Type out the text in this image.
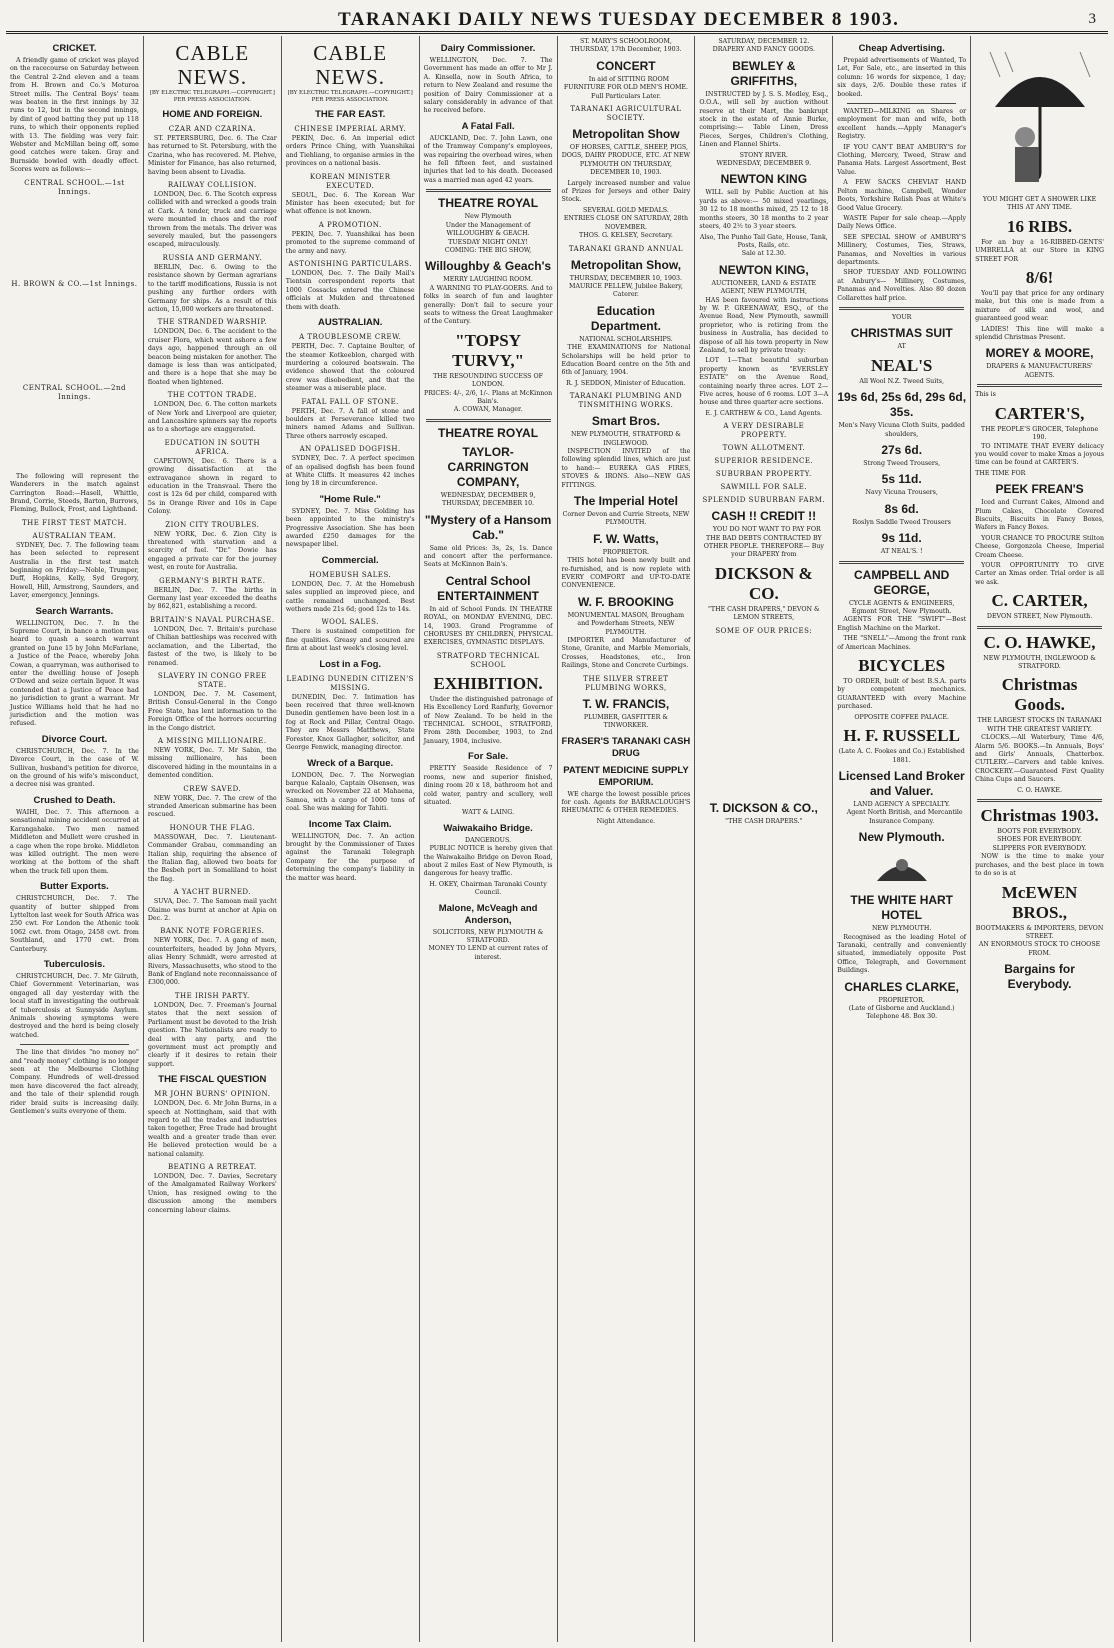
TARANAKI DAILY NEWS TUESDAY DECEMBER 8 1903.	3
CRICKET.

A friendly game of cricket was played on the racecourse on Saturday between the Central 2-2nd eleven and a team from H. Brown and Co.'s Moturoa Street mills. The Central Boys' team was beaten in the first innings by 32 runs to 12, but in the second innings, by dint of good batting they put up 118 runs, to which their opponents replied with 13. The fielding was very fair. Webster and McMillan being off, some good catches were taken. Gray and Burnside bowled with deadly effect. Scores were as follows:—

CENTRAL SCHOOL.—1st Innings.
H. BROWN & CO.—1st Innings.
CENTRAL SCHOOL.—2nd Innings.

The following will represent the Wanderers in the match against Carrington Road:—Hasell, Whittle, Brand, Corrie, Steeds, Barton, Burrows, Fleming, Bullock, Frost, and Lightband.

THE FIRST TEST MATCH.
AUSTRALIAN TEAM.

SYDNEY, Dec. 7. The following team has been selected to represent Australia in the first test match beginning on Friday:—Noble, Trumper, Duff, Hopkins, Kelly, Syd Gregory, Howell, Hill, Armstrong, Saunders, and Laver, emergency, Jennings.

Search Warrants.

WELLINGTON, Dec. 7. In the Supreme Court, in banco a motion was heard to quash a search warrant granted on June 15 by John McFarlane, a Justice of the Peace, whereby John Cowan, a quarryman, was authorised to enter the dwelling house of Joseph O'Dowd and seize certain liquor. It was contended that a Justice of Peace had no jurisdiction to grant a warrant. Mr Justice Williams held that he had no jurisdiction and the motion was refused.

Divorce Court.

CHRISTCHURCH, Dec. 7. In the Divorce Court, in the case of W. Sullivan, husband's petition for divorce, on the ground of his wife's misconduct, a decree nisi was granted.

Crushed to Death.

WAIHI, Dec. 7. This afternoon a sensational mining accident occurred at Karangahake. Two men named Middleton and Mullett were crushed in a cage when the rope broke. Middleton was killed outright. The men were working at the bottom of the shaft when the truck fell upon them.

Butter Exports.

CHRISTCHURCH, Dec. 7. The quantity of butter shipped from Lyttelton last week for South Africa was 250 cwt. For London the Athenic took 1062 cwt. from Otago, 2458 cwt. from Southland, and 1770 cwt. from Canterbury.

Tuberculosis.

CHRISTCHURCH, Dec. 7. Mr Gilruth, Chief Government Veterinarian, was engaged all day yesterday with the local staff in investigating the outbreak of tuberculosis at Sunnyside Asylum. Animals showing symptoms were destroyed and the herd is being closely watched.

The line that divides "no money no" and "ready money" clothing is no longer seen at the Melbourne Clothing Company. Hundreds of well-dressed men have discovered the fact already, and the tale of their splendid rough rider braid suits is increasing daily. Gentlemen's suits everyone of them.

CABLE NEWS.
[BY ELECTRIC TELEGRAPH.—COPYRIGHT.] PER PRESS ASSOCIATION.
HOME AND FOREIGN.
CZAR AND CZARINA.

ST. PETERSBURG, Dec. 6. The Czar has returned to St. Petersburg, with the Czarina, who has recovered. M. Plehve, Minister for Finance, has also returned, having been absent to Livadia.

RAILWAY COLLISION.

LONDON, Dec. 6. The Scotch express collided with and wrecked a goods train at Cark. A tender, truck and carriage were mounted in chaos and the roof thrown from the metals. The driver was severely mauled, but the passengers escaped, miraculously.

RUSSIA AND GERMANY.

BERLIN, Dec. 6. Owing to the resistance shown by German agrarians to the tariff modifications, Russia is not pushing any further orders with Germany for ships. As a result of this action, 15,000 workers are threatened.

THE STRANDED WARSHIP.

LONDON, Dec. 6. The accident to the cruiser Flora, which went ashore a few days ago, happened through an oil beacon being mistaken for another. The damage is less than was anticipated, and there is a hope that she may be floated when lightened.

THE COTTON TRADE.

LONDON, Dec. 6. The cotton markets of New York and Liverpool are quieter, and Lancashire spinners say the reports as to a shortage are exaggerated.

EDUCATION IN SOUTH AFRICA.

CAPETOWN, Dec. 6. There is a growing dissatisfaction at the extravagance shown in regard to education in the Transvaal. There the cost is 12s 6d per child, compared with 5s in Orange River and 10s in Cape Colony.

ZION CITY TROUBLES.

NEW YORK, Dec. 6. Zion City is threatened with starvation and a scarcity of fuel. "Dr." Dowie has engaged a private car for the journey west, en route for Australia.

GERMANY'S BIRTH RATE.

BERLIN, Dec. 7. The births in Germany last year exceeded the deaths by 862,821, establishing a record.

BRITAIN'S NAVAL PURCHASE.

LONDON, Dec. 7. Britain's purchase of Chilian battleships was received with acclamation, and the Libertad, the fastest of the two, is likely to be renamed.

SLAVERY IN CONGO FREE STATE.

LONDON, Dec. 7. M. Casement, British Consul-General in the Congo Free State, has lent information to the Foreign Office of the horrors occurring in the Congo district.

A MISSING MILLIONAIRE.

NEW YORK, Dec. 7. Mr Sabin, the missing millionaire, has been discovered hiding in the mountains in a demented condition.

CREW SAVED.

NEW YORK, Dec. 7. The crew of the stranded American submarine has been rescued.

HONOUR THE FLAG.

MASSOWAH, Dec. 7. Lieutenant-Commander Grabau, commanding an Italian ship, requiring the absence of the Italian flag, allowed two boats for the Besbeh port in Somaliland to hoist the flag.

A YACHT BURNED.

SUVA, Dec. 7. The Samoan mail yacht Olaimo was burnt at anchor at Apia on Dec. 2.

BANK NOTE FORGERIES.

NEW YORK, Dec. 7. A gang of men, counterfeiters, headed by John Myers, alias Henry Schmidt, were arrested at Rivers, Massachusetts, who stood to the Bank of England note reconnaissance of £300,000.

THE IRISH PARTY.

LONDON, Dec. 7. Freeman's Journal states that the next session of Parliament must be devoted to the Irish question. The Nationalists are ready to deal with any party, and the government must act promptly and clearly if it desires to retain their support.

THE FISCAL QUESTION
MR JOHN BURNS' OPINION.

LONDON, Dec. 6. Mr John Burns, in a speech at Nottingham, said that with regard to all the trades and industries taken together, Free Trade had brought wealth and a greater trade than ever. He believed protection would be a national calamity.

BEATING A RETREAT.

LONDON, Dec. 7. Davies, Secretary of the Amalgamated Railway Workers' Union, has resigned owing to the discussion among the members concerning labour claims.

CABLE NEWS.
[BY ELECTRIC TELEGRAPH.—COPYRIGHT.] PER PRESS ASSOCIATION.
THE FAR EAST.
CHINESE IMPERIAL ARMY.

PEKIN, Dec. 6. An imperial edict orders Prince Ching, with Yuanshikai and Tiehliang, to organise armies in the provinces on a national basis.

KOREAN MINISTER EXECUTED.

SEOUL, Dec. 6. The Korean War Minister has been executed; but for what offence is not known.

A PROMOTION.

PEKIN, Dec. 7. Yuanshikai has been promoted to the supreme command of the army and navy.

ASTONISHING PARTICULARS.

LONDON, Dec. 7. The Daily Mail's Tientsin correspondent reports that 1000 Cossacks entered the Chinese officials at Mukden and threatened them with death.

AUSTRALIAN.
A TROUBLESOME CREW.

PERTH, Dec. 7. Captaine Boulter, of the steamer Kotkeeblon, charged with murdering a coloured boatswain. The evidence showed that the coloured crew was disobedient, and that the steamer was a miserable place.

FATAL FALL OF STONE.

PERTH, Dec. 7. A fall of stone and boulders at Perseverance killed two miners named Adams and Sullivan. Three others narrowly escaped.

AN OPALISED DOGFISH.

SYDNEY, Dec. 7. A perfect specimen of an opalised dogfish has been found at White Cliffs. It measures 42 inches long by 18 in circumference.

"Home Rule."

SYDNEY, Dec. 7. Miss Golding has been appointed to the ministry's Progressive Association. She has been awarded £250 damages for the newspaper libel.

Commercial.
HOMEBUSH SALES.

LONDON, Dec. 7. At the Homebush sales supplied an improved piece, and cattle remained unchanged. Best wethers made 21s 6d; good 12s to 14s.

WOOL SALES.

There is sustained competition for fine qualities. Greasy and scoured are firm at about last week's closing level.

Lost in a Fog.
LEADING DUNEDIN CITIZEN'S MISSING.

DUNEDIN, Dec. 7. Intimation has been received that three well-known Dunedin gentlemen have been lost in a fog at Rock and Pillar, Central Otago. They are Messrs Matthews, State Forester, Knox Gallagher, solicitor, and George Fenwick, managing director.

Wreck of a Barque.

LONDON, Dec. 7. The Norwegian barque Kalaalo, Captain Olsensen, was wrecked on November 22 at Mahaena, Samoa, with a cargo of 1000 tons of coal. She was making for Tahiti.

Income Tax Claim.

WELLINGTON, Dec. 7. An action brought by the Commissioner of Taxes against the Taranaki Telegraph Company for the purpose of determining the company's liability in the matter was heard.

Dairy Commissioner.

WELLINGTON, Dec. 7. The Government has made an offer to Mr J. A. Kinsella, now in South Africa, to return to New Zealand and resume the position of Dairy Commissioner at a salary considerably in advance of that he received before.

A Fatal Fall.

AUCKLAND, Dec. 7. John Lawn, one of the Tramway Company's employees, was repairing the overhead wires, when he fell fifteen feet, and sustained injuries that led to his death. Deceased was a married man aged 42 years.

THEATRE ROYAL
New Plymouth
Under the Management of WILLOUGHBY & GEACH.
TUESDAY NIGHT ONLY!
COMING: THE BIG SHOW,
Willoughby & Geach's
MERRY LAUGHING ROOM.

A WARNING TO PLAY-GOERS. And to folks in search of fun and laughter generally: Don't fail to secure your seats to witness the Great Laughmaker of the Century.

"TOPSY TURVY,"
THE RESOUNDING SUCCESS OF LONDON.
PRICES: 4/-, 2/6, 1/-. Plans at McKinnon Bain's.
A. COWAN, Manager.
THEATRE ROYAL
TAYLOR-CARRINGTON COMPANY,
WEDNESDAY, DECEMBER 9, THURSDAY, DECEMBER 10.
"Mystery of a Hansom Cab."

Same old Prices: 3s, 2s, 1s. Dance and concert after the performance. Seats at McKinnon Bain's.

Central School ENTERTAINMENT

In aid of School Funds. IN THEATRE ROYAL, on MONDAY EVENING, DEC. 14, 1903. Grand Programme of CHORUSES BY CHILDREN, PHYSICAL EXERCISES, GYMNASTIC DISPLAYS.

STRATFORD TECHNICAL SCHOOL
EXHIBITION.

Under the distinguished patronage of His Excellency Lord Ranfurly, Governor of New Zealand. To be held in the TECHNICAL SCHOOL, STRATFORD, From 28th December, 1903, to 2nd January, 1904, inclusive.

For Sale.

PRETTY Seaside Residence of 7 rooms, new and superior finished, dining room 20 x 18, bathroom hot and cold water, pantry and scullery, well situated.

WATT & LAING.
Waiwakaiho Bridge.
DANGEROUS.

PUBLIC NOTICE is hereby given that the Waiwakaiho Bridge on Devon Road, about 2 miles East of New Plymouth, is dangerous for heavy traffic.

H. OKEY, Chairman Taranaki County Council.
Malone, McVeagh and Anderson,
SOLICITORS, NEW PLYMOUTH & STRATFORD.
MONEY TO LEND at current rates of interest.
ST. MARY'S SCHOOLROOM,
THURSDAY, 17th December, 1903.
CONCERT

In aid of SITTING ROOM FURNITURE FOR OLD MEN'S HOME. Full Particulars Later.

TARANAKI AGRICULTURAL SOCIETY.
Metropolitan Show

OF HORSES, CATTLE, SHEEP, PIGS, DOGS, DAIRY PRODUCE, ETC. AT NEW PLYMOUTH ON THURSDAY, DECEMBER 10, 1903.

Largely increased number and value of Prizes for Jerseys and other Dairy Stock.

SEVERAL GOLD MEDALS.
ENTRIES CLOSE ON SATURDAY, 28th NOVEMBER.
THOS. G. KELSEY, Secretary.
TARANAKI GRAND ANNUAL
Metropolitan Show,
THURSDAY, DECEMBER 10, 1903.
MAURICE PELLEW, Jubilee Bakery, Caterer.
Education Department.
NATIONAL SCHOLARSHIPS.

THE EXAMINATIONS for National Scholarships will be held prior to Education Board centre on the 5th and 6th of January, 1904.

R. J. SEDDON, Minister of Education.
TARANAKI PLUMBING AND TINSMITHING WORKS.
Smart Bros.
NEW PLYMOUTH, STRATFORD & INGLEWOOD.

INSPECTION INVITED of the following splendid lines, which are just to hand:— EUREKA GAS FIRES, STOVES & IRONS. Also—NEW GAS FITTINGS.

The Imperial Hotel
Corner Devon and Currie Streets, NEW PLYMOUTH.
F. W. Watts,
PROPRIETOR.

THIS hotel has been newly built and re-furnished, and is now replete with EVERY COMFORT and UP-TO-DATE CONVENIENCE.

W. F. BROOKING
MONUMENTAL MASON, Brougham and Powderham Streets, NEW PLYMOUTH.

IMPORTER and Manufacturer of Stone, Granite, and Marble Memorials, Crosses, Headstones, etc., Iron Railings, Stone and Concrete Curbings.

THE SILVER STREET PLUMBING WORKS,
T. W. FRANCIS,
PLUMBER, GASFITTER & TINWORKER.
FRASER'S TARANAKI CASH DRUG
PATENT MEDICINE SUPPLY EMPORIUM.

WE charge the lowest possible prices for cash. Agents for BARRACLOUGH'S RHEUMATIC & OTHER REMEDIES.

Night Attendance.
SATURDAY, DECEMBER 12.
DRAPERY AND FANCY GOODS.
BEWLEY & GRIFFITHS,

INSTRUCTED by J. S. S. Medley, Esq., O.O.A., will sell by auction without reserve at their Mart, the bankrupt stock in the estate of Annie Burke, comprising:— Table Linen, Dress Pieces, Serges, Children's Clothing, Linen and Flannel Shirts.

STONY RIVER.
WEDNESDAY, DECEMBER 9.
NEWTON KING

WILL sell by Public Auction at his yards as above:— 50 mixed yearlings, 30 12 to 18 months mixed, 25 12 to 18 months steers, 30 18 months to 2 year steers, 40 2½ to 3 year steers.

Also, The Punho Tail Gate, House, Tank, Posts, Rails, etc.
Sale at 12.30.
NEWTON KING,
AUCTIONEER, LAND & ESTATE AGENT, NEW PLYMOUTH,

HAS been favoured with instructions by W. P. GREENAWAY, ESQ., of the Avenue Road, New Plymouth, sawmill proprietor, who is retiring from the business in Australia, has decided to dispose of all his town property in New Zealand, to sell by private treaty:

LOT 1—That beautiful suburban property known as "EVERSLEY ESTATE" on the Avenue Road, containing nearly three acres. LOT 2—Five acres, house of 6 rooms. LOT 3—A house and three quarter acre sections.

E. J. CARTHEW & CO., Land Agents.
A VERY DESIRABLE PROPERTY.
TOWN ALLOTMENT.
SUPERIOR RESIDENCE.
SUBURBAN PROPERTY.
SAWMILL FOR SALE.
SPLENDID SUBURBAN FARM.
CASH !! CREDIT !!

YOU DO NOT WANT TO PAY FOR THE BAD DEBTS CONTRACTED BY OTHER PEOPLE. THEREFORE— Buy your DRAPERY from

DICKSON & CO.
"THE CASH DRAPERS," DEVON & LEMON STREETS,
SOME OF OUR PRICES:
T. DICKSON & CO.,
"THE CASH DRAPERS."
Cheap Advertising.

Prepaid advertisements of Wanted, To Let, For Sale, etc., are inserted in this column: 16 words for sixpence, 1 day; six days, 2/6. Double these rates if booked.

WANTED—MILKING on Shares or employment for man and wife, both excellent hands.—Apply Manager's Registry.

IF YOU CAN'T BEAT AMBURY'S for Clothing, Mercery, Tweed, Straw and Panama Hats. Largest Assortment, Best Value.

A FEW SACKS CHEVIAT HAND Pelton machine, Campbell, Wonder Boots, Yorkshire Relish Peas at White's Good Value Grocery.

WASTE Paper for sale cheap.—Apply Daily News Office.

SEE SPECIAL SHOW of AMBURY'S Millinery, Costumes, Ties, Straws, Panamas, and Novelties in various departments.

SHOP TUESDAY AND FOLLOWING at Anbury's— Millinery, Costumes, Panamas and Novelties. Also 80 dozen Collarettes half price.

YOUR
CHRISTMAS SUIT
AT
NEAL'S
All Wool N.Z. Tweed Suits,
19s 6d, 25s 6d, 29s 6d, 35s.
Men's Navy Vicuna Cloth Suits, padded shoulders,
27s 6d.
Strong Tweed Trousers,
5s 11d.
Navy Vicuna Trousers,
8s 6d.
Roslyn Saddle Tweed Trousers
9s 11d.
AT NEAL'S. !
CAMPBELL AND GEORGE,
CYCLE AGENTS & ENGINEERS, Egmont Street, New Plymouth.

AGENTS FOR THE "SWIFT"—Best English Machine on the Market.

THE "SNELL"—Among the front rank of American Machines.

BICYCLES

TO ORDER, built of best B.S.A. parts by competent mechanics. GUARANTEED with every Machine purchased.

OPPOSITE COFFEE PALACE.
H. F. RUSSELL
(Late A. C. Fookes and Co.) Established 1881.
Licensed Land Broker and Valuer.
LAND AGENCY A SPECIALTY.

Agent North British, and Mercantile Insurance Company.

New Plymouth.
THE WHITE HART HOTEL
NEW PLYMOUTH.

Recognised as the leading Hotel of Taranaki, centrally and conveniently situated, immediately opposite Post Office, Telegraph, and Government Buildings.

CHARLES CLARKE,
PROPRIETOR.
(Late of Gisborne and Auckland.) Telephone 48. Box 30.
YOU MIGHT GET A SHOWER LIKE THIS AT ANY TIME.
16 RIBS.

For an buy a 16-RIBBED-GENTS' UMBRELLA at our Store in KING STREET FOR

8/6!

You'll pay that price for any ordinary make, but this one is made from a mixture of silk and wool, and guaranteed good wear.

LADIES! This line will make a splendid Christmas Present.

MOREY & MOORE,
DRAPERS & MANUFACTURERS' AGENTS.
This is
CARTER'S,
THE PEOPLE'S GROCER, Telephone 190.

TO INTIMATE THAT EVERY delicacy you would cover to make Xmas a joyous time can be found at CARTER'S.

THE TIME FOR
PEEK FREAN'S

Iced and Currant Cakes, Almond and Plum Cakes, Chocolate Covered Biscuits, Biscuits in Fancy Boxes, Wafers in Fancy Boxes.

YOUR CHANCE TO PROCURE Stilton Cheese, Gorgonzola Cheese, Imperial Cream Cheese.

YOUR OPPORTUNITY TO GIVE Carter an Xmas order. Trial order is all we ask.

C. CARTER,
DEVON STREET, New Plymouth.
C. O. HAWKE,
NEW PLYMOUTH, INGLEWOOD & STRATFORD.
Christmas Goods.
THE LARGEST STOCKS IN TARANAKI WITH THE GREATEST VARIETY.

CLOCKS.—All Waterbury, Time 4/6, Alarm 5/6. BOOKS.—In Annuals, Boys' and Girls' Annuals, Chatterbox. CUTLERY.—Carvers and table knives. CROCKERY.—Guaranteed First Quality China Cups and Saucers.

C. O. HAWKE.
Christmas 1903.
BOOTS FOR EVERYBODY.
SHOES FOR EVERYBODY.
SLIPPERS FOR EVERYBODY.

NOW is the time to make your purchases, and the best place in town to do so is at

McEWEN BROS.,
BOOTMAKERS & IMPORTERS, DEVON STREET.
AN ENORMOUS STOCK TO CHOOSE FROM.
Bargains for Everybody.
